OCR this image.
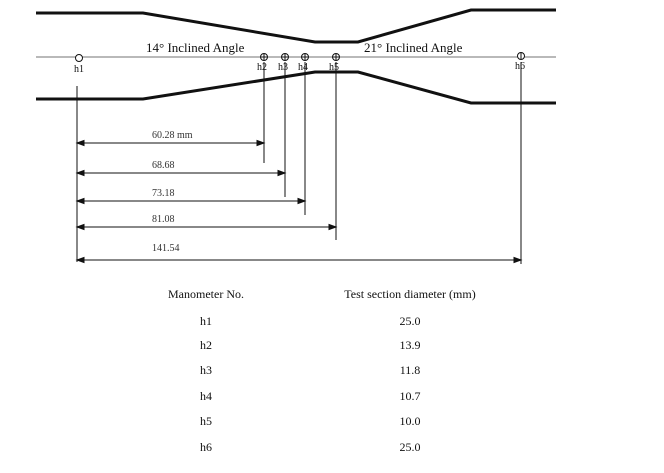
14° Inclined Angle	21° Inclined Angle
h1	h2 h3 h4 h5	h6
60.28 mm
68.68
73.18
81.08
141.54
Manometer No.	Test section diameter (mm)
h1	25.0
h2	13.9
h3	11.8
h4	10.7
h5	10.0
h6	25.0
